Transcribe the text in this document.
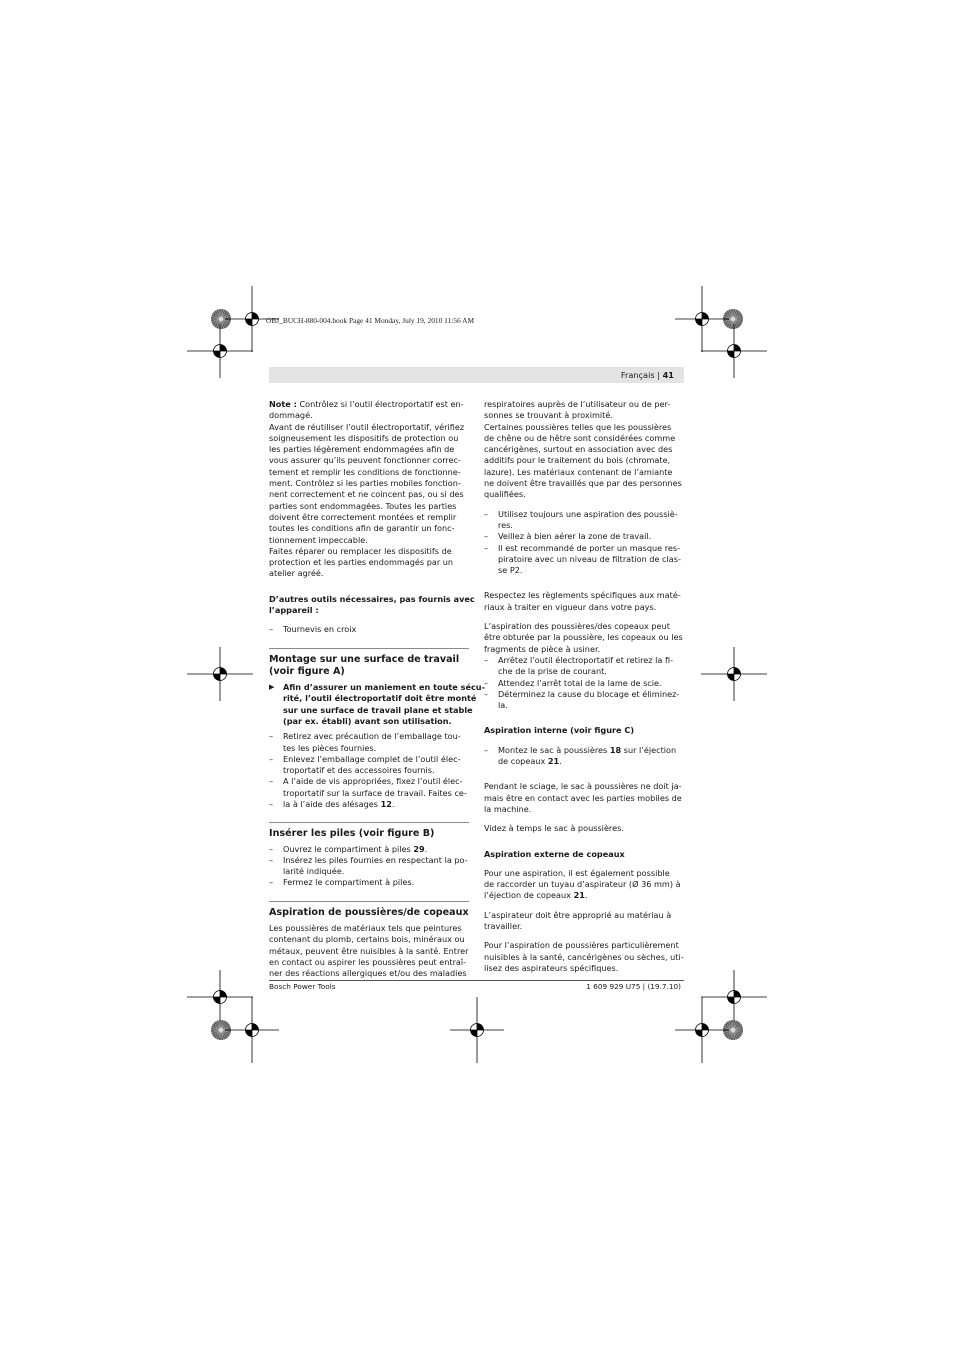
OBJ_BUCH-880-004.book Page 41 Monday, July 19, 2010 11:56 AM
Français | 41

Note : Contrôlez si l’outil électroportatif est en-

dommagé.

Avant de réutiliser l’outil électroportatif, vérifiez

soigneusement les dispositifs de protection ou

les parties légèrement endommagées afin de

vous assurer qu’ils peuvent fonctionner correc-

tement et remplir les conditions de fonctionne-

ment. Contrôlez si les parties mobiles fonction-

nent correctement et ne coincent pas, ou si des

parties sont endommagées. Toutes les parties

doivent être correctement montées et remplir

toutes les conditions afin de garantir un fonc-

tionnement impeccable.

Faites réparer ou remplacer les dispositifs de

protection et les parties endommagés par un

atelier agréé.

D’autres outils nécessaires, pas fournis avec

l’appareil :

– Tournevis en croix

Montage sur une surface de travail

(voir figure A)

▶ Afin d’assurer un maniement en toute sécu-

rité, l’outil électroportatif doit être monté

sur une surface de travail plane et stable

(par ex. établi) avant son utilisation.

– Retirez avec précaution de l’emballage tou-
tes les pièces fournies.
– Enlevez l’emballage complet de l’outil élec-
troportatif et des accessoires fournis.
– A l’aide de vis appropriées, fixez l’outil élec-
troportatif sur la surface de travail. Faites ce-
– la à l’aide des alésages 12.
Insérer les piles (voir figure B)
– Ouvrez le compartiment à piles 29.
– Insérez les piles fournies en respectant la po-
larité indiquée.
– Fermez le compartiment à piles.
Aspiration de poussières/de copeaux

Les poussières de matériaux tels que peintures

contenant du plomb, certains bois, minéraux ou

métaux, peuvent être nuisibles à la santé. Entrer

en contact ou aspirer les poussières peut entraî-

ner des réactions allergiques et/ou des maladies

respiratoires auprès de l’utilisateur ou de per-

sonnes se trouvant à proximité.

Certaines poussières telles que les poussières

de chêne ou de hêtre sont considérées comme

cancérigènes, surtout en association avec des

additifs pour le traitement du bois (chromate,

lazure). Les matériaux contenant de l’amiante

ne doivent être travaillés que par des personnes

qualifiées.

– Utilisez toujours une aspiration des poussiè-
res.
– Veillez à bien aérer la zone de travail.
– Il est recommandé de porter un masque res-
piratoire avec un niveau de filtration de clas-
se P2.

Respectez les règlements spécifiques aux maté-

riaux à traiter en vigueur dans votre pays.

L’aspiration des poussières/des copeaux peut

être obturée par la poussière, les copeaux ou les

fragments de pièce à usiner.

– Arrêtez l’outil électroportatif et retirez la fi-
che de la prise de courant.
– Attendez l’arrêt total de la lame de scie.
– Déterminez la cause du blocage et éliminez-
la.
Aspiration interne (voir figure C)
– Montez le sac à poussières 18 sur l’éjection
de copeaux 21.

Pendant le sciage, le sac à poussières ne doit ja-

mais être en contact avec les parties mobiles de

la machine.

Videz à temps le sac à poussières.

Aspiration externe de copeaux

Pour une aspiration, il est également possible

de raccorder un tuyau d’aspirateur (Ø 36 mm) à

l’éjection de copeaux 21.

L’aspirateur doit être approprié au matériau à

travailler.

Pour l’aspiration de poussières particulièrement

nuisibles à la santé, cancérigènes ou sèches, uti-

lisez des aspirateurs spécifiques.

Bosch Power Tools	1 609 929 U75 | (19.7.10)
